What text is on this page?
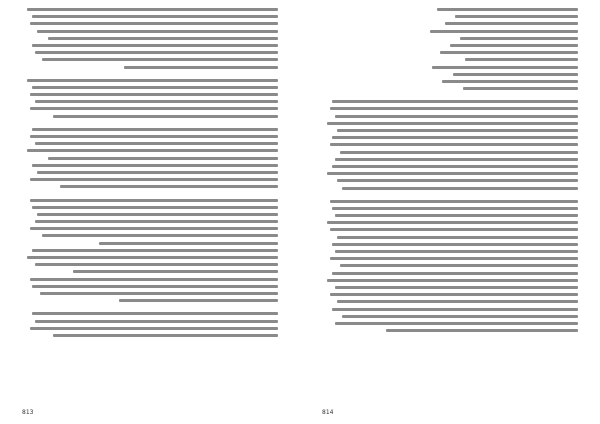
813	814
